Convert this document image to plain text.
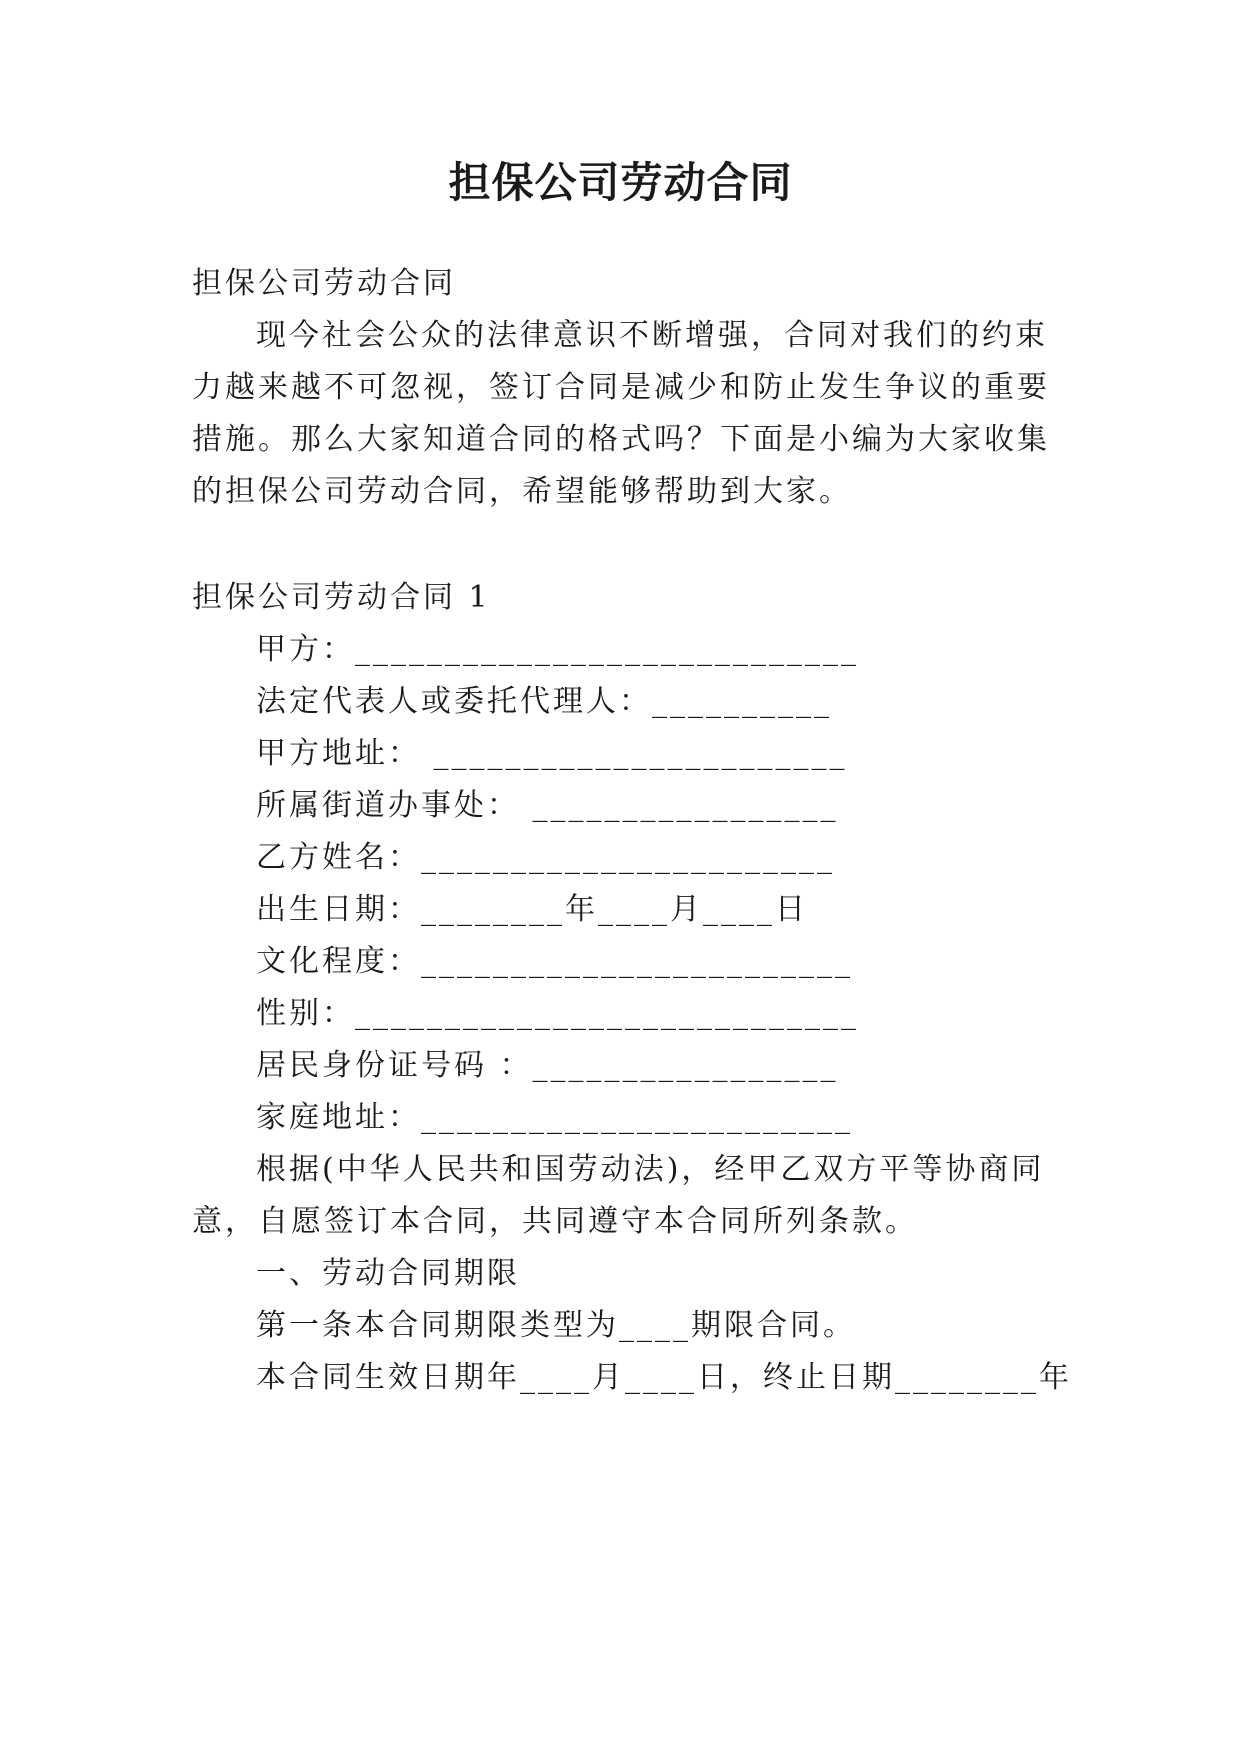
担保公司劳动合同
担保公司劳动合同
现今社会公众的法律意识不断增强，合同对我们的约束
力越来越不可忽视，签订合同是减少和防止发生争议的重要
措施。那么大家知道合同的格式吗？下面是小编为大家收集
的担保公司劳动合同，希望能够帮助到大家。
担保公司劳动合同 1
甲方：____________________________
法定代表人或委托代理人：__________
甲方地址： _______________________
所属街道办事处： _________________
乙方姓名：_______________________
出生日期：________年____月____日
文化程度：________________________
性别：____________________________
居民身份证号码 ：_________________
家庭地址：________________________
根据(中华人民共和国劳动法)，经甲乙双方平等协商同
意，自愿签订本合同，共同遵守本合同所列条款。
一、劳动合同期限
第一条本合同期限类型为____期限合同。
本合同生效日期年____月____日，终止日期________年
